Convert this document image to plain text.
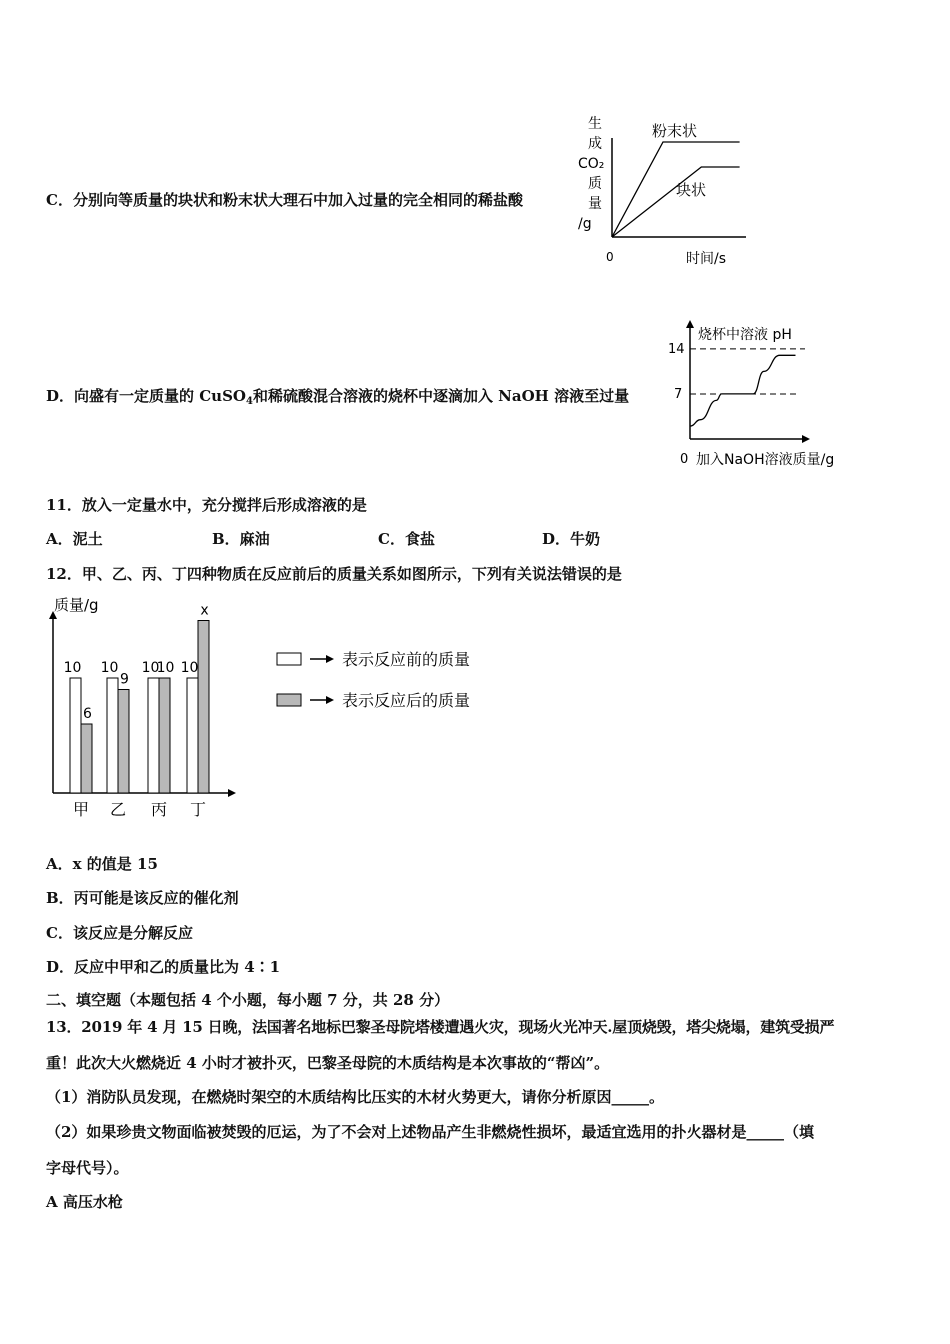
C．分别向等质量的块状和粉末状大理石中加入过量的完全相同的稀盐酸
生
成
CO₂
质
量
/g
0	时间/s
粉末状
块状
D．向盛有一定质量的 CuSO$_4$和稀硫酸混合溶液的烧杯中逐滴加入 NaOH 溶液至过量
烧杯中溶液 pH
14
7
0 加入NaOH溶液质量/g
11．放入一定量水中，充分搅拌后形成溶液的是
A．泥土	B．麻油	C．食盐	D．牛奶
12．甲、乙、丙、丁四种物质在反应前后的质量关系如图所示，下列有关说法错误的是
质量/g
10
6
甲
10
9
乙
10
10
丙
10
x
丁
表示反应前的质量
表示反应后的质量
A．x 的值是 15
B．丙可能是该反应的催化剂
C．该反应是分解反应
D．反应中甲和乙的质量比为 4∶1
二、填空题（本题包括 4 个小题，每小题 7 分，共 28 分）
13．2019 年 4 月 15 日晚，法国著名地标巴黎圣母院塔楼遭遇火灾，现场火光冲天.屋顶烧毁，塔尖烧塌，建筑受损严
重！此次大火燃烧近 4 小时才被扑灭，巴黎圣母院的木质结构是本次事故的“帮凶”。
（1）消防队员发现，在燃烧时架空的木质结构比压实的木材火势更大，请你分析原因_____。
（2）如果珍贵文物面临被焚毁的厄运，为了不会对上述物品产生非燃烧性损坏，最适宜选用的扑火器材是_____（填
字母代号）。
A 高压水枪
